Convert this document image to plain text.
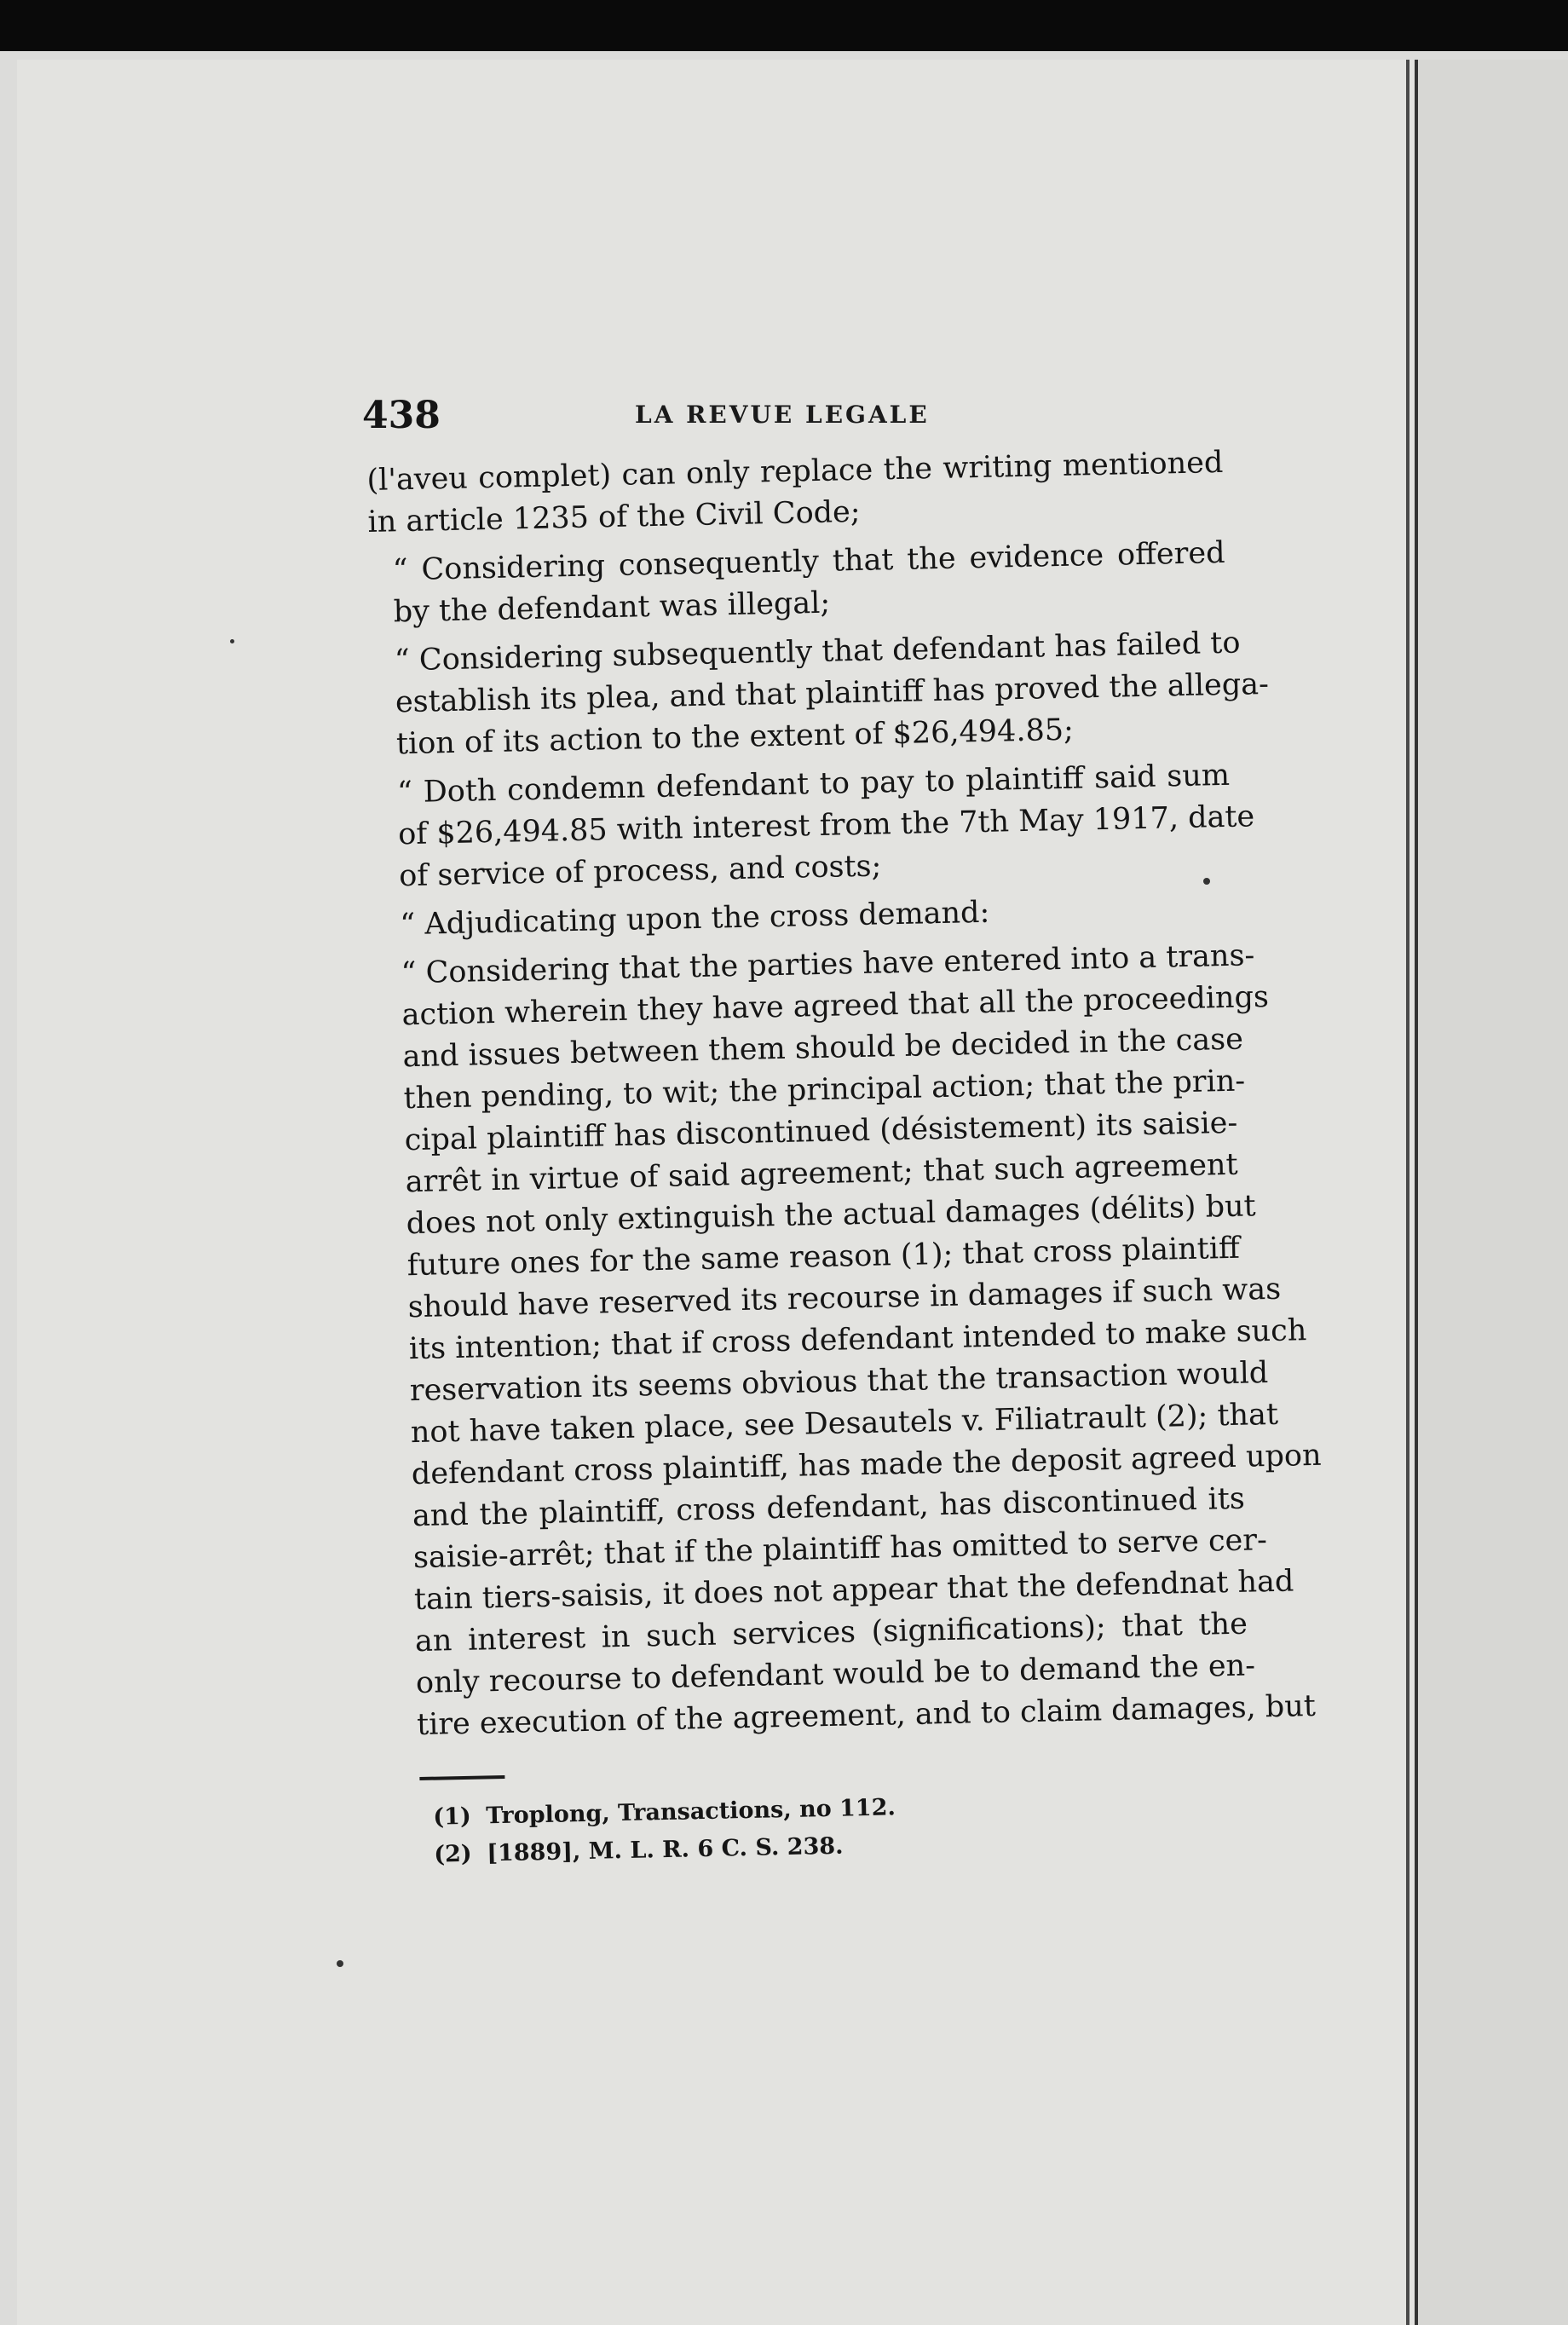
438	LA REVUE LEGALE
(l'aveu complet) can only replace the writing mentioned
in article 1235 of the Civil Code;
“ Considering consequently that the evidence offered
by the defendant was illegal;
“ Considering subsequently that defendant has failed to
establish its plea, and that plaintiff has proved the allega-
tion of its action to the extent of $26,494.85;
“ Doth condemn defendant to pay to plaintiff said sum
of $26,494.85 with interest from the 7th May 1917, date
of service of process, and costs;
“ Adjudicating upon the cross demand:
“ Considering that the parties have entered into a trans-
action wherein they have agreed that all the proceedings
and issues between them should be decided in the case
then pending, to wit; the principal action; that the prin-
cipal plaintiff has discontinued (désistement) its saisie-
arrêt in virtue of said agreement; that such agreement
does not only extinguish the actual damages (délits) but
future ones for the same reason (1); that cross plaintiff
should have reserved its recourse in damages if such was
its intention; that if cross defendant intended to make such
reservation its seems obvious that the transaction would
not have taken place, see Desautels v. Filiatrault (2); that
defendant cross plaintiff, has made the deposit agreed upon
and the plaintiff, cross defendant, has discontinued its
saisie-arrêt; that if the plaintiff has omitted to serve cer-
tain tiers-saisis, it does not appear that the defendnat had
an interest in such services (significations); that the
only recourse to defendant would be to demand the en-
tire execution of the agreement, and to claim damages, but
(1) Troplong, Transactions, no 112.
(2) [1889], M. L. R. 6 C. S. 238.
